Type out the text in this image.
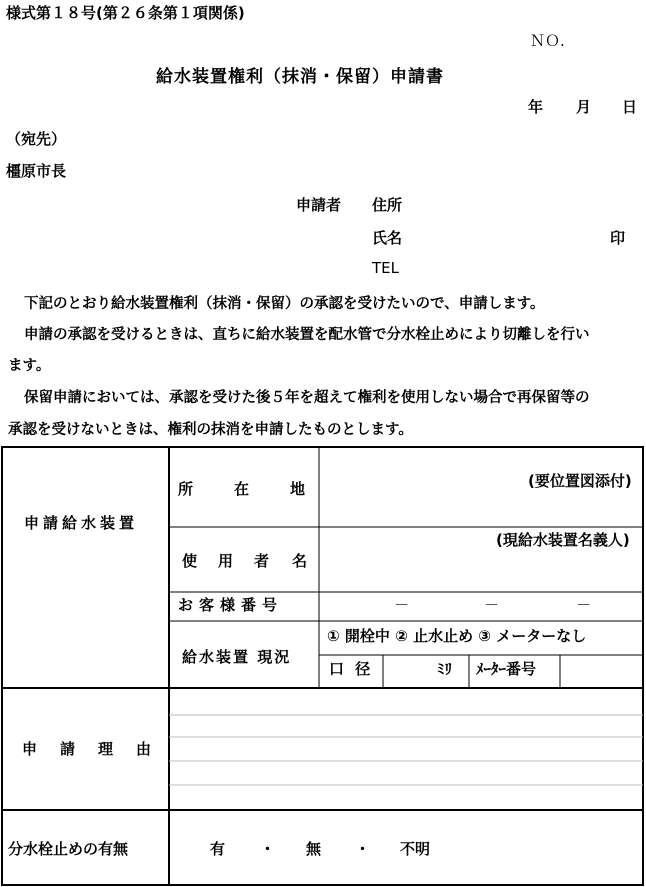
様式第１８号(第２６条第１項関係)
ＮＯ.
給水装置権利（抹消・保留）申請書
年 月 日
（宛先）
橿原市長
申請者 住所
氏名	印
TEL
下記のとおり給水装置権利（抹消・保留）の承認を受けたいので、申請します。
申請の承認を受けるときは、直ちに給水装置を配水管で分水栓止めにより切離しを行い
ます。
保留申請においては、承認を受けた後５年を超えて権利を使用しない場合で再保留等の
承認を受けないときは、権利の抹消を申請したものとします。
申請給水装置
所	在	地	(要位置図添付)
使 用 者 名
(現給水装置名義人)
お客様番号	－	－	－
給水装置 現況
① 開栓中 ② 止水止め ③ メーターなし
口 径	ﾐﾘ ﾒｰﾀｰ番号
申 請 理 由
分水栓止めの有無	有 ・ 無 ・ 不明
